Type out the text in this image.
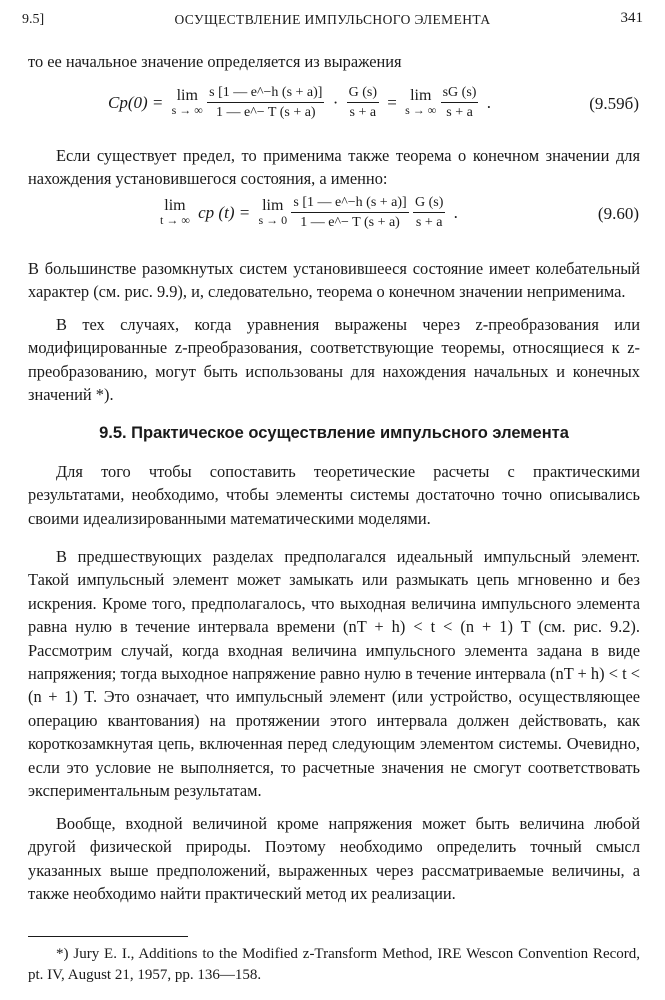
9.5]	ОСУЩЕСТВЛЕНИЕ ИМПУЛЬСНОГО ЭЛЕМЕНТА	341

то ее начальное значение определяется из выражения

Cp(0) = lim
s → ∞
$\frac{s [1 — e\^{}-h (s + a)]}{1 — e\^{}- T (s + a)} \cdot \frac{G (s)}{s + a} = \lim$
s → ∞
$\frac{sG (s)}{s + a}$ .	(9.59б)

Если существует предел, то применима также теорема о конечном значении для нахождения установившегося состояния, а именно:

lim
t → ∞ cp (t) = lim
s → 0
$\frac{s [1 — e\^{}-h (s + a)]}{1 — e\^{}- T (s + a)}$
$\frac{G (s)}{s + a}$ .	(9.60)

В большинстве разомкнутых систем установившееся состояние имеет колебательный характер (см. рис. 9.9), и, следовательно, теорема о конечном значении неприменима.

В тех случаях, когда уравнения выражены через z-преобразования или модифицированные z-преобразования, соответствующие теоремы, относящиеся к z-преобразованию, могут быть использованы для нахождения начальных и конечных значений *).

9.5. Практическое осуществление импульсного элемента

Для того чтобы сопоставить теоретические расчеты с практическими результатами, необходимо, чтобы элементы системы достаточно точно описывались своими идеализированными математическими моделями.

В предшествующих разделах предполагался идеальный импульсный элемент. Такой импульсный элемент может замыкать или размыкать цепь мгновенно и без искрения. Кроме того, предполагалось, что выходная величина импульсного элемента равна нулю в течение интервала времени (nT + h) < t < (n + 1) T (см. рис. 9.2). Рассмотрим случай, когда входная величина импульсного элемента задана в виде напряжения; тогда выходное напряжение равно нулю в течение интервала (nT + h) < t < (n + 1) T. Это означает, что импульсный элемент (или устройство, осуществляющее операцию квантования) на протяжении этого интервала должен действовать, как короткозамкнутая цепь, включенная перед следующим элементом системы. Очевидно, если это условие не выполняется, то расчетные значения не смогут соответствовать экспериментальным результатам.

Вообще, входной величиной кроме напряжения может быть величина любой другой физической природы. Поэтому необходимо определить точный смысл указанных выше предположений, выраженных через рассматриваемые величины, а также необходимо найти практический метод их реализации.

*) Jury E. I., Additions to the Modified z-Transform Method, IRE Wescon Convention Record, pt. IV, August 21, 1957, pp. 136—158.
